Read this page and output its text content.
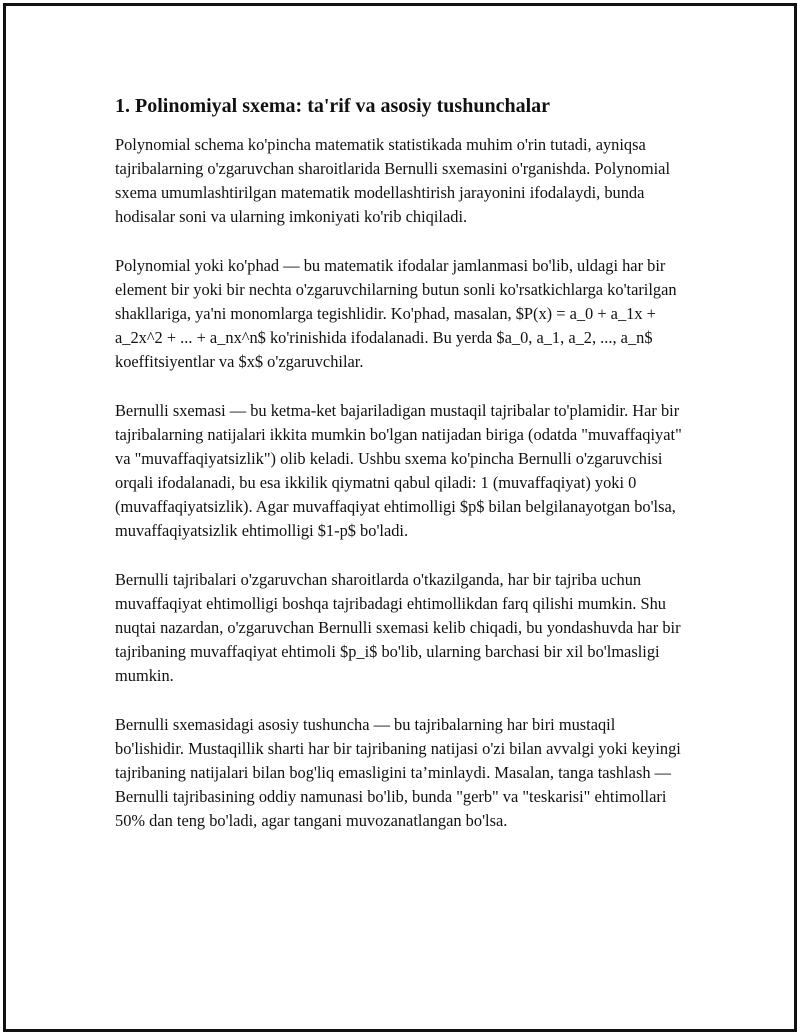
1. Polinomiyal sxema: ta'rif va asosiy tushunchalar

Polynomial schema ko'pincha matematik statistikada muhim o'rin tutadi, ayniqsa tajribalarning o'zgaruvchan sharoitlarida Bernulli sxemasini o'rganishda. Polynomial sxema umumlashtirilgan matematik modellashtirish jarayonini ifodalaydi, bunda hodisalar soni va ularning imkoniyati ko'rib chiqiladi.

Polynomial yoki ko'phad — bu matematik ifodalar jamlanmasi bo'lib, uldagi har bir element bir yoki bir nechta o'zgaruvchilarning butun sonli ko'rsatkichlarga ko'tarilgan shakllariga, ya'ni monomlarga tegishlidir. Ko'phad, masalan, $P(x) = a_0 + a_1x + a_2x^2 + ... + a_nx^n$ ko'rinishida ifodalanadi. Bu yerda $a_0, a_1, a_2, ..., a_n$ koeffitsiyentlar va $x$ o'zgaruvchilar.

Bernulli sxemasi — bu ketma-ket bajariladigan mustaqil tajribalar to'plamidir. Har bir tajribalarning natijalari ikkita mumkin bo'lgan natijadan biriga (odatda "muvaffaqiyat" va "muvaffaqiyatsizlik") olib keladi. Ushbu sxema ko'pincha Bernulli o'zgaruvchisi orqali ifodalanadi, bu esa ikkilik qiymatni qabul qiladi: 1 (muvaffaqiyat) yoki 0 (muvaffaqiyatsizlik). Agar muvaffaqiyat ehtimolligi $p$ bilan belgilanayotgan bo'lsa, muvaffaqiyatsizlik ehtimolligi $1-p$ bo'ladi.

Bernulli tajribalari o'zgaruvchan sharoitlarda o'tkazilganda, har bir tajriba uchun muvaffaqiyat ehtimolligi boshqa tajribadagi ehtimollikdan farq qilishi mumkin. Shu nuqtai nazardan, o'zgaruvchan Bernulli sxemasi kelib chiqadi, bu yondashuvda har bir tajribaning muvaffaqiyat ehtimoli $p_i$ bo'lib, ularning barchasi bir xil bo'lmasligi mumkin.

Bernulli sxemasidagi asosiy tushuncha — bu tajribalarning har biri mustaqil bo'lishidir. Mustaqillik sharti har bir tajribaning natijasi o'zi bilan avvalgi yoki keyingi tajribaning natijalari bilan bog'liq emasligini ta’minlaydi. Masalan, tanga tashlash — Bernulli tajribasining oddiy namunasi bo'lib, bunda "gerb" va "teskarisi" ehtimollari 50% dan teng bo'ladi, agar tangani muvozanatlangan bo'lsa.
